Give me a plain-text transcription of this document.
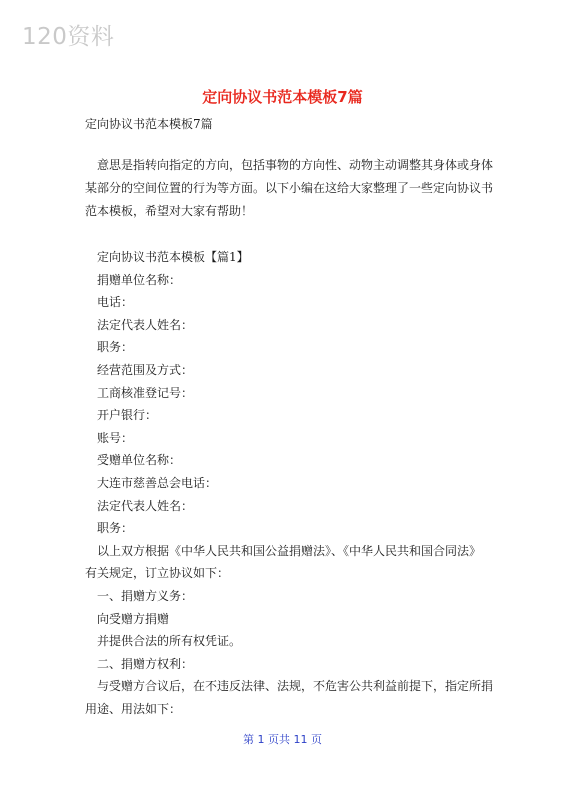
120资料
定向协议书范本模板7篇
定向协议书范本模板7篇
意思是指转向指定的方向，包括事物的方向性、动物主动调整其身体或身体
某部分的空间位置的行为等方面。以下小编在这给大家整理了一些定向协议书
范本模板，希望对大家有帮助！
定向协议书范本模板【篇1】
捐赠单位名称：
电话：
法定代表人姓名：
职务：
经营范围及方式：
工商核准登记号：
开户银行：
账号：
受赠单位名称：
大连市慈善总会电话：
法定代表人姓名：
职务：
以上双方根据《中华人民共和国公益捐赠法》、《中华人民共和国合同法》
有关规定，订立协议如下：
一、捐赠方义务：
向受赠方捐赠
并提供合法的所有权凭证。
二、捐赠方权利：
与受赠方合议后，在不违反法律、法规，不危害公共利益前提下，指定所捐
用途、用法如下：
第 1 页共 11 页
